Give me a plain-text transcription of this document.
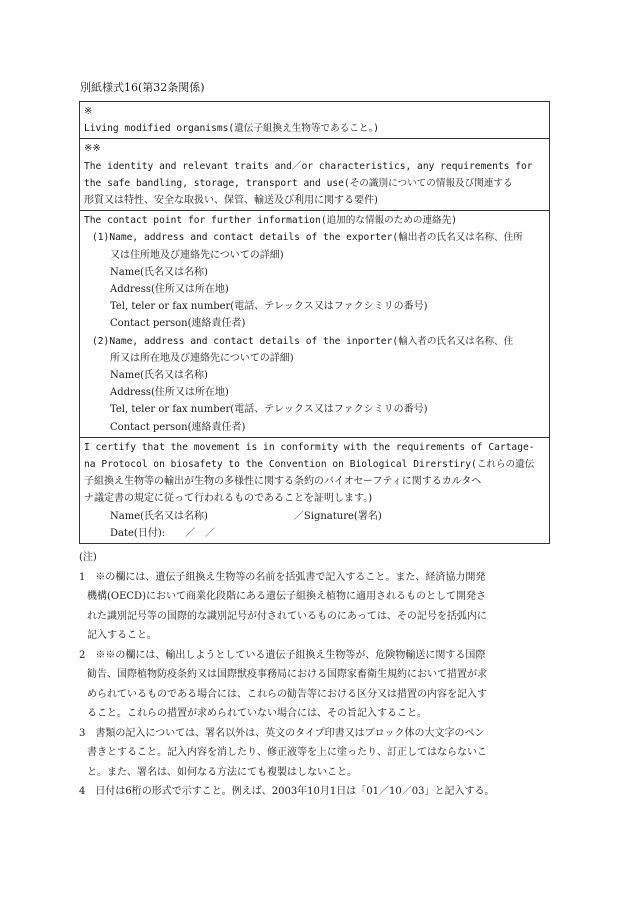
別紙様式16(第32条関係)
※
Living modified organisms(遺伝子組換え生物等であること。)
※※
The identity and relevant traits and／or characteristics, any requirements for
the safe bandling, storage, transport and use(その識別についての情報及び関連する
形質又は特性、安全な取扱い、保管、輸送及び利用に関する要件)
The contact point for further information(追加的な情報のための連絡先)
(1)Name, address and contact details of the exporter(輸出者の氏名又は名称、住所
又は住所地及び連絡先についての詳細)
Name(氏名又は名称)
Address(住所又は所在地)
Tel, teler or fax number(電話、テレックス又はファクシミリの番号)
Contact person(連絡責任者)
(2)Name, address and contact details of the inporter(輸入者の氏名又は名称、住
所又は所在地及び連絡先についての詳細)
Name(氏名又は名称)
Address(住所又は所在地)
Tel, teler or fax number(電話、テレックス又はファクシミリの番号)
Contact person(連絡責任者)
I certify that the movement is in conformity with the requirements of Cartage-
na Protocol on biosafety to the Convention on Biological Direrstiry(これらの遺伝
子組換え生物等の輸出が生物の多様性に関する条約のバイオセーフティに関するカルタヘ
ナ議定書の規定に従って行われるものであることを証明します。)
Name(氏名又は名称)	／Signature(署名)
Date(日付):　　／　／
(注)
1　※の欄には、遺伝子組換え生物等の名前を括弧書で記入すること。また、経済協力開発
機構(OECD)において商業化段階にある遺伝子組換え植物に適用されるものとして開発さ
れた識別記号等の国際的な識別記号が付されているものにあっては、その記号を括弧内に
記入すること。
2　※※の欄には、輸出しようとしている遺伝子組換え生物等が、危険物輸送に関する国際
勧告、国際植物防疫条約又は国際獣疫事務局における国際家畜衛生規約において措置が求
められているものである場合には、これらの勧告等における区分又は措置の内容を記入す
ること。これらの措置が求められていない場合には、その旨記入すること。
3　書類の記入については、署名以外は、英文のタイプ印書又はブロック体の大文字のペン
書きとすること。記入内容を消したり、修正液等を上に塗ったり、訂正してはならないこ
と。また、署名は、如何なる方法にても複製はしないこと。
4　日付は6桁の形式で示すこと。例えば、2003年10月1日は「01／10／03」と記入する。
